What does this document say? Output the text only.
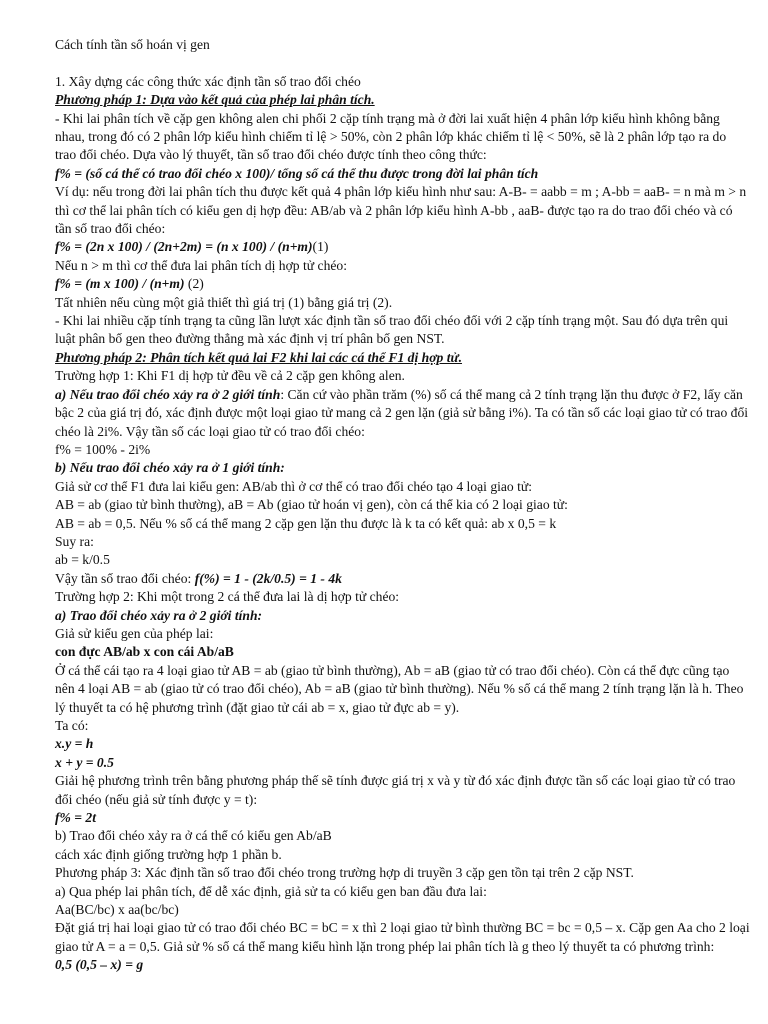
Cách tính tần số hoán vị gen

1. Xây dựng các công thức xác định tần số trao đổi chéo

Phương pháp 1: Dựa vào kết quả của phép lai phân tích.

- Khi lai phân tích về cặp gen không alen chi phối 2 cặp tính trạng mà ở đời lai xuất hiện 4 phân lớp kiểu hình không bằng nhau, trong đó có 2 phân lớp kiểu hình chiếm tỉ lệ > 50%, còn 2 phân lớp khác chiếm tỉ lệ < 50%, sẽ là 2 phân lớp tạo ra do trao đổi chéo. Dựa vào lý thuyết, tần số trao đổi chéo được tính theo công thức:

f% = (số cá thể có trao đổi chéo x 100)/ tổng số cá thể thu được trong đời lai phân tích

Ví dụ: nếu trong đời lai phân tích thu được kết quả 4 phân lớp kiểu hình như sau: A-B- = aabb = m ; A-bb = aaB- = n mà m > n thì cơ thể lai phân tích có kiểu gen dị hợp đều: AB/ab và 2 phân lớp kiểu hình A-bb , aaB- được tạo ra do trao đổi chéo và có tần số trao đổi chéo:

f% = (2n x 100) / (2n+2m) = (n x 100) / (n+m)(1)

Nếu n > m thì cơ thể đưa lai phân tích dị hợp tử chéo:

f% = (m x 100) / (n+m) (2)

Tất nhiên nếu cùng một giả thiết thì giá trị (1) bằng giá trị (2).

- Khi lai nhiều cặp tính trạng ta cũng lần lượt xác định tần số trao đổi chéo đối với 2 cặp tính trạng một. Sau đó dựa trên qui luật phân bố gen theo đường thẳng mà xác định vị trí phân bố gen NST.

Phương pháp 2: Phân tích kết quả lai F2 khi lai các cá thể F1 dị hợp tử.

Trường hợp 1: Khi F1 dị hợp tử đều về cả 2 cặp gen không alen.

a) Nếu trao đổi chéo xảy ra ở 2 giới tính: Căn cứ vào phần trăm (%) số cá thể mang cả 2 tính trạng lặn thu được ở F2, lấy căn bậc 2 của giá trị đó, xác định được một loại giao tử mang cả 2 gen lặn (giả sử bằng i%). Ta có tần số các loại giao tử có trao đổi chéo là 2i%. Vậy tần số các loại giao tử có trao đổi chéo:

f% = 100% - 2i%

b) Nếu trao đổi chéo xảy ra ở 1 giới tính:

Giả sử cơ thể F1 đưa lai kiểu gen: AB/ab thì ở cơ thể có trao đổi chéo tạo 4 loại giao tử:

AB = ab (giao tử bình thường), aB = Ab (giao tử hoán vị gen), còn cá thể kia có 2 loại giao tử:

AB = ab = 0,5. Nếu % số cá thể mang 2 cặp gen lặn thu được là k ta có kết quả: ab x 0,5 = k

Suy ra:

ab = k/0.5

Vậy tần số trao đổi chéo: f(%) = 1 - (2k/0.5) = 1 - 4k

Trường hợp 2: Khi một trong 2 cá thể đưa lai là dị hợp tử chéo:

a) Trao đổi chéo xảy ra ở 2 giới tính:

Giả sử kiểu gen của phép lai:

con đực AB/ab x con cái Ab/aB

Ở cá thể cái tạo ra 4 loại giao tử AB = ab (giao tử bình thường), Ab = aB (giao tử có trao đổi chéo). Còn cá thể đực cũng tạo nên 4 loại AB = ab (giao tử có trao đổi chéo), Ab = aB (giao tử bình thường). Nếu % số cá thể mang 2 tính trạng lặn là h. Theo lý thuyết ta có hệ phương trình (đặt giao tử cái ab = x, giao tử đực ab = y).

Ta có:

x.y = h

x + y = 0.5

Giải hệ phương trình trên bằng phương pháp thế sẽ tính được giá trị x và y từ đó xác định được tần số các loại giao tử có trao đổi chéo (nếu giả sử tính được y = t):

f% = 2t

b) Trao đổi chéo xảy ra ở cá thể có kiểu gen Ab/aB

cách xác định giống trường hợp 1 phần b.

Phương pháp 3: Xác định tần số trao đổi chéo trong trường hợp di truyền 3 cặp gen tồn tại trên 2 cặp NST.

a) Qua phép lai phân tích, để dễ xác định, giả sử ta có kiểu gen ban đầu đưa lai:

Aa(BC/bc) x aa(bc/bc)

Đặt giá trị hai loại giao tử có trao đổi chéo BC = bC = x thì 2 loại giao tử bình thường BC = bc = 0,5 – x. Cặp gen Aa cho 2 loại giao tử A = a = 0,5. Giả sử % số cá thể mang kiểu hình lặn trong phép lai phân tích là g theo lý thuyết ta có phương trình:

0,5 (0,5 – x) = g
